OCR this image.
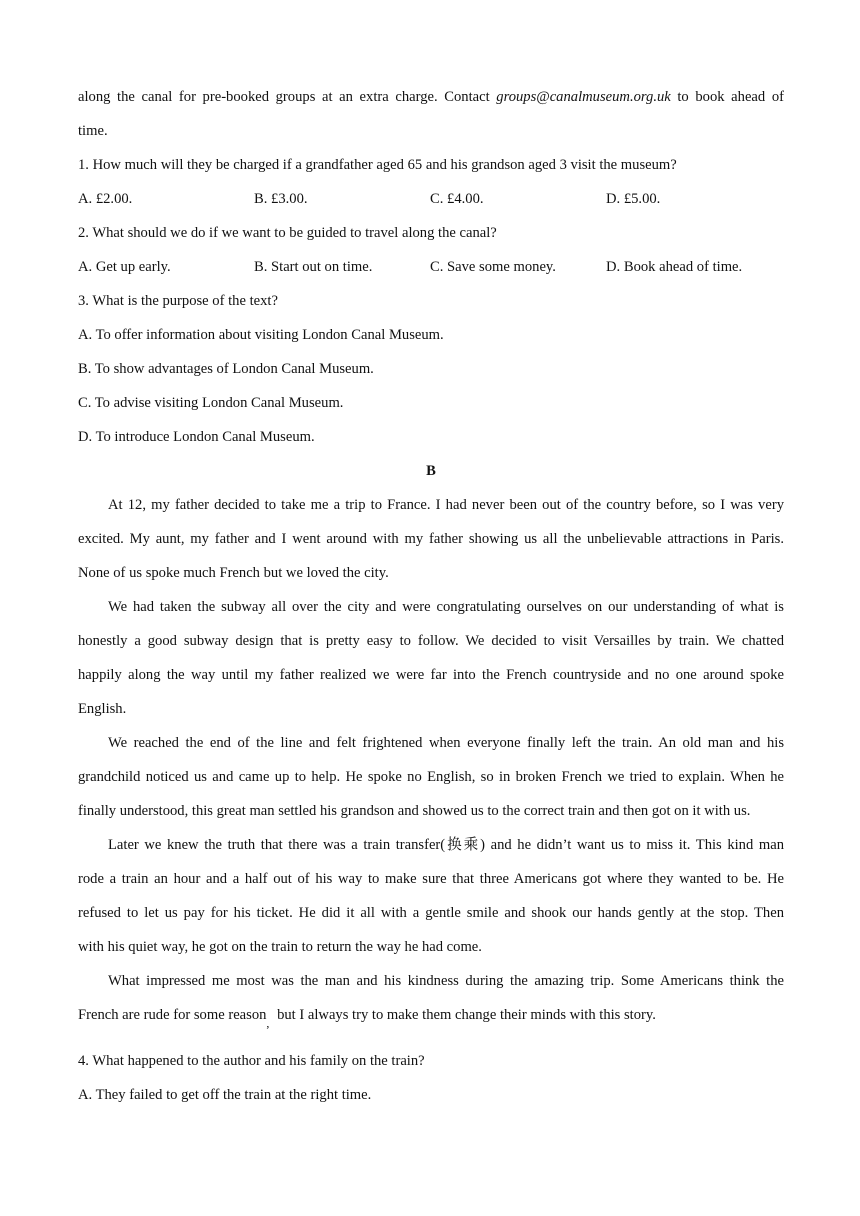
along the canal for pre-booked groups at an extra charge. Contact groups@canalmuseum.org.uk to book ahead of
time.
1. How much will they be charged if a grandfather aged 65 and his grandson aged 3 visit the museum?
A. £2.00.	B. £3.00.	C. £4.00.	D. £5.00.
2. What should we do if we want to be guided to travel along the canal?
A. Get up early.	B. Start out on time.	C. Save some money.	D. Book ahead of time.
3. What is the purpose of the text?
A. To offer information about visiting London Canal Museum.
B. To show advantages of London Canal Museum.
C. To advise visiting London Canal Museum.
D. To introduce London Canal Museum.
B
At 12, my father decided to take me a trip to France. I had never been out of the country before, so I was very
excited. My aunt, my father and I went around with my father showing us all the unbelievable attractions in Paris.
None of us spoke much French but we loved the city.
We had taken the subway all over the city and were congratulating ourselves on our understanding of what is
honestly a good subway design that is pretty easy to follow. We decided to visit Versailles by train. We chatted
happily along the way until my father realized we were far into the French countryside and no one around spoke
English.
We reached the end of the line and felt frightened when everyone finally left the train. An old man and his
grandchild noticed us and came up to help. He spoke no English, so in broken French we tried to explain. When he
finally understood, this great man settled his grandson and showed us to the correct train and then got on it with us.
Later we knew the truth that there was a train transfer(换乘) and he didn’t want us to miss it. This kind man
rode a train an hour and a half out of his way to make sure that three Americans got where they wanted to be. He
refused to let us pay for his ticket. He did it all with a gentle smile and shook our hands gently at the stop. Then
with his quiet way, he got on the train to return the way he had come.
What impressed me most was the man and his kindness during the amazing trip. Some Americans think the
French are rude for some reason$_,$ but I always try to make them change their minds with this story.
4. What happened to the author and his family on the train?
A. They failed to get off the train at the right time.
